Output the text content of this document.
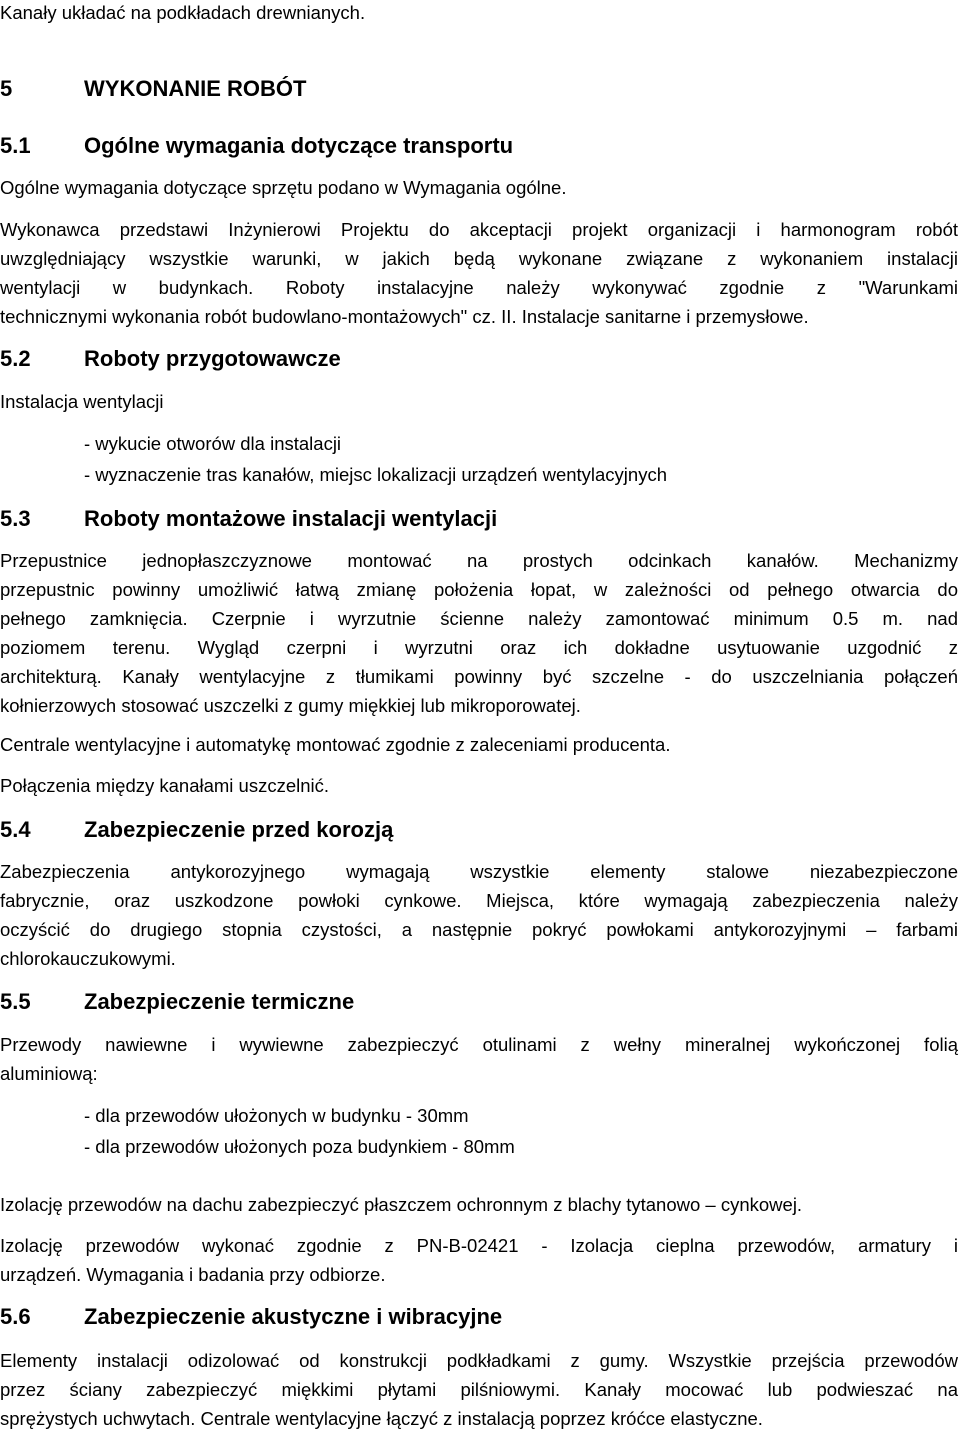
Kanały układać na podkładach drewnianych.
5	WYKONANIE ROBÓT
5.1 Ogólne wymagania dotyczące transportu
Ogólne wymagania dotyczące sprzętu podano w Wymagania ogólne.
Wykonawca przedstawi Inżynierowi Projektu do akceptacji projekt organizacji i harmonogram robót
uwzględniający wszystkie warunki, w jakich będą wykonane związane z wykonaniem instalacji
wentylacji w budynkach. Roboty instalacyjne należy wykonywać zgodnie z "Warunkami
technicznymi wykonania robót budowlano-montażowych" cz. II. Instalacje sanitarne i przemysłowe.
5.2 Roboty przygotowawcze
Instalacja wentylacji
- wykucie otworów dla instalacji
- wyznaczenie tras kanałów, miejsc lokalizacji urządzeń wentylacyjnych
5.3 Roboty montażowe instalacji wentylacji
Przepustnice jednopłaszczyznowe montować na prostych odcinkach kanałów. Mechanizmy
przepustnic powinny umożliwić łatwą zmianę położenia łopat, w zależności od pełnego otwarcia do
pełnego zamknięcia. Czerpnie i wyrzutnie ścienne należy zamontować minimum 0.5 m. nad
poziomem terenu. Wygląd czerpni i wyrzutni oraz ich dokładne usytuowanie uzgodnić z
architekturą. Kanały wentylacyjne z tłumikami powinny być szczelne - do uszczelniania połączeń
kołnierzowych stosować uszczelki z gumy miękkiej lub mikroporowatej.
Centrale wentylacyjne i automatykę montować zgodnie z zaleceniami producenta.
Połączenia między kanałami uszczelnić.
5.4 Zabezpieczenie przed korozją
Zabezpieczenia antykorozyjnego wymagają wszystkie elementy stalowe niezabezpieczone
fabrycznie, oraz uszkodzone powłoki cynkowe. Miejsca, które wymagają zabezpieczenia należy
oczyścić do drugiego stopnia czystości, a następnie pokryć powłokami antykorozyjnymi – farbami
chlorokauczukowymi.
5.5 Zabezpieczenie termiczne
Przewody nawiewne i wywiewne zabezpieczyć otulinami z wełny mineralnej wykończonej folią
aluminiową:
- dla przewodów ułożonych w budynku - 30mm
- dla przewodów ułożonych poza budynkiem - 80mm
Izolację przewodów na dachu zabezpieczyć płaszczem ochronnym z blachy tytanowo – cynkowej.
Izolację przewodów wykonać zgodnie z PN-B-02421 - Izolacja cieplna przewodów, armatury i
urządzeń. Wymagania i badania przy odbiorze.
5.6 Zabezpieczenie akustyczne i wibracyjne
Elementy instalacji odizolować od konstrukcji podkładkami z gumy. Wszystkie przejścia przewodów
przez ściany zabezpieczyć miękkimi płytami pilśniowymi. Kanały mocować lub podwieszać na
sprężystych uchwytach. Centrale wentylacyjne łączyć z instalacją poprzez króćce elastyczne.
